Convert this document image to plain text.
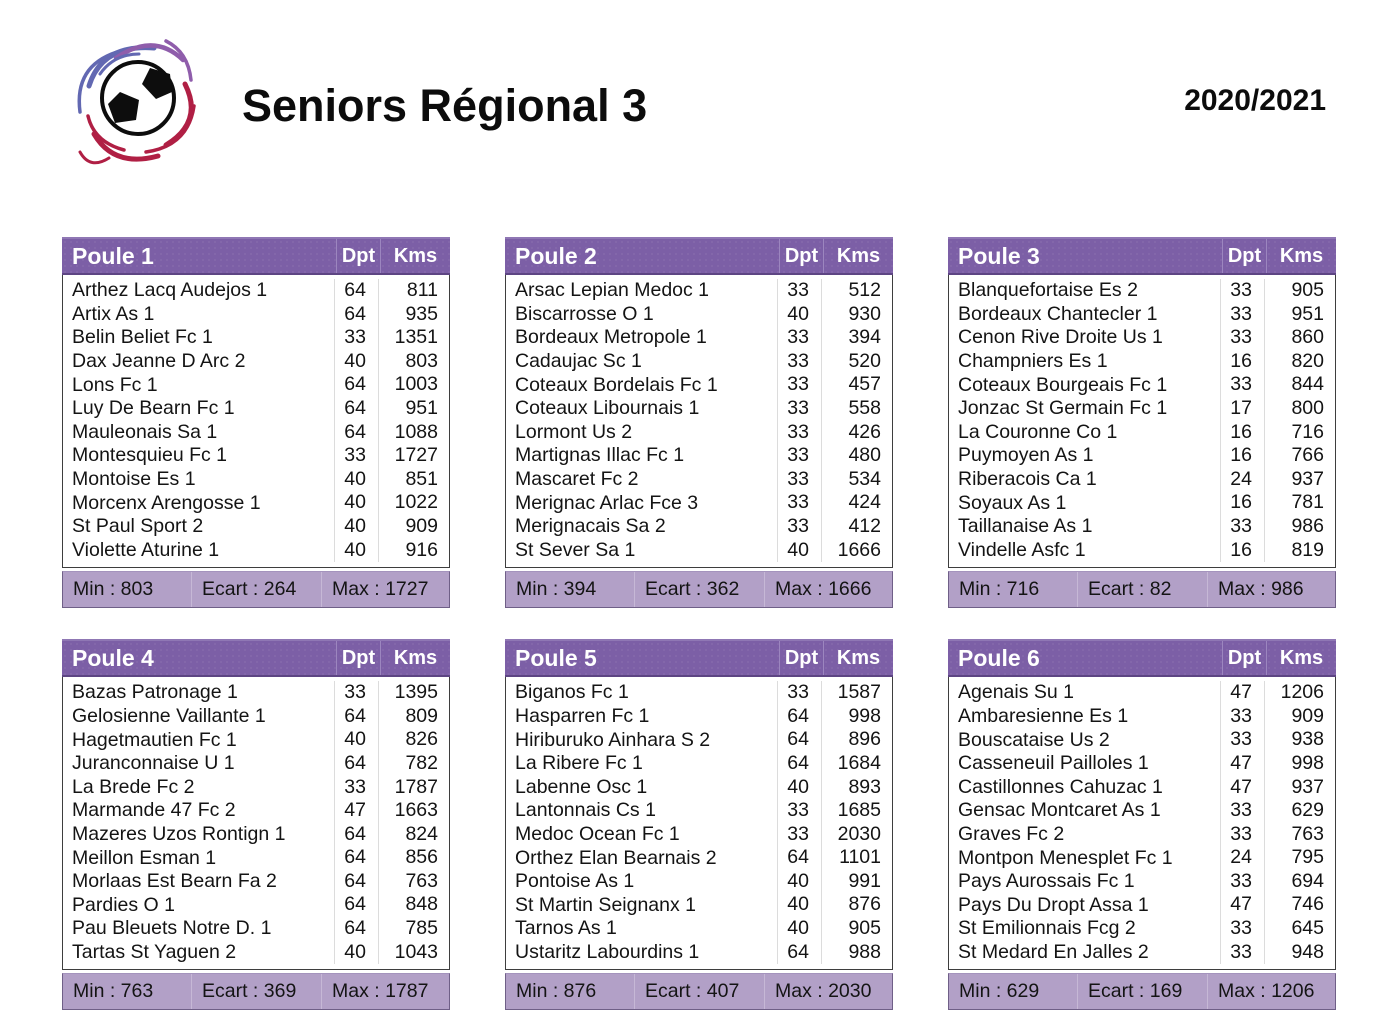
Seniors Régional 3	2020/2021
Poule 1	Dpt Kms
Arthez Lacq Audejos 1	64	811
Artix As 1	64	935
Belin Beliet Fc 1	33	1351
Dax Jeanne D Arc 2	40	803
Lons Fc 1	64	1003
Luy De Bearn Fc 1	64	951
Mauleonais Sa 1	64	1088
Montesquieu Fc 1	33	1727
Montoise Es 1	40	851
Morcenx Arengosse 1	40	1022
St Paul Sport 2	40	909
Violette Aturine 1	40	916
Min : 803	Ecart : 264	Max : 1727
Poule 2	Dpt Kms
Arsac Lepian Medoc 1	33	512
Biscarrosse O 1	40	930
Bordeaux Metropole 1	33	394
Cadaujac Sc 1	33	520
Coteaux Bordelais Fc 1	33	457
Coteaux Libournais 1	33	558
Lormont Us 2	33	426
Martignas Illac Fc 1	33	480
Mascaret Fc 2	33	534
Merignac Arlac Fce 3	33	424
Merignacais Sa 2	33	412
St Sever Sa 1	40	1666
Min : 394	Ecart : 362	Max : 1666
Poule 3	Dpt Kms
Blanquefortaise Es 2	33	905
Bordeaux Chantecler 1	33	951
Cenon Rive Droite Us 1	33	860
Champniers Es 1	16	820
Coteaux Bourgeais Fc 1	33	844
Jonzac St Germain Fc 1	17	800
La Couronne Co 1	16	716
Puymoyen As 1	16	766
Riberacois Ca 1	24	937
Soyaux As 1	16	781
Taillanaise As 1	33	986
Vindelle Asfc 1	16	819
Min : 716	Ecart : 82	Max : 986
Poule 4	Dpt Kms
Bazas Patronage 1	33	1395
Gelosienne Vaillante 1	64	809
Hagetmautien Fc 1	40	826
Juranconnaise U 1	64	782
La Brede Fc 2	33	1787
Marmande 47 Fc 2	47	1663
Mazeres Uzos Rontign 1	64	824
Meillon Esman 1	64	856
Morlaas Est Bearn Fa 2	64	763
Pardies O 1	64	848
Pau Bleuets Notre D. 1	64	785
Tartas St Yaguen 2	40	1043
Min : 763	Ecart : 369	Max : 1787
Poule 5	Dpt Kms
Biganos Fc 1	33	1587
Hasparren Fc 1	64	998
Hiriburuko Ainhara S 2	64	896
La Ribere Fc 1	64	1684
Labenne Osc 1	40	893
Lantonnais Cs 1	33	1685
Medoc Ocean Fc 1	33	2030
Orthez Elan Bearnais 2	64	1101
Pontoise As 1	40	991
St Martin Seignanx 1	40	876
Tarnos As 1	40	905
Ustaritz Labourdins 1	64	988
Min : 876	Ecart : 407	Max : 2030
Poule 6	Dpt Kms
Agenais Su 1	47	1206
Ambaresienne Es 1	33	909
Bouscataise Us 2	33	938
Casseneuil Pailloles 1	47	998
Castillonnes Cahuzac 1	47	937
Gensac Montcaret As 1	33	629
Graves Fc 2	33	763
Montpon Menesplet Fc 1	24	795
Pays Aurossais Fc 1	33	694
Pays Du Dropt Assa 1	47	746
St Emilionnais Fcg 2	33	645
St Medard En Jalles 2	33	948
Min : 629	Ecart : 169	Max : 1206
